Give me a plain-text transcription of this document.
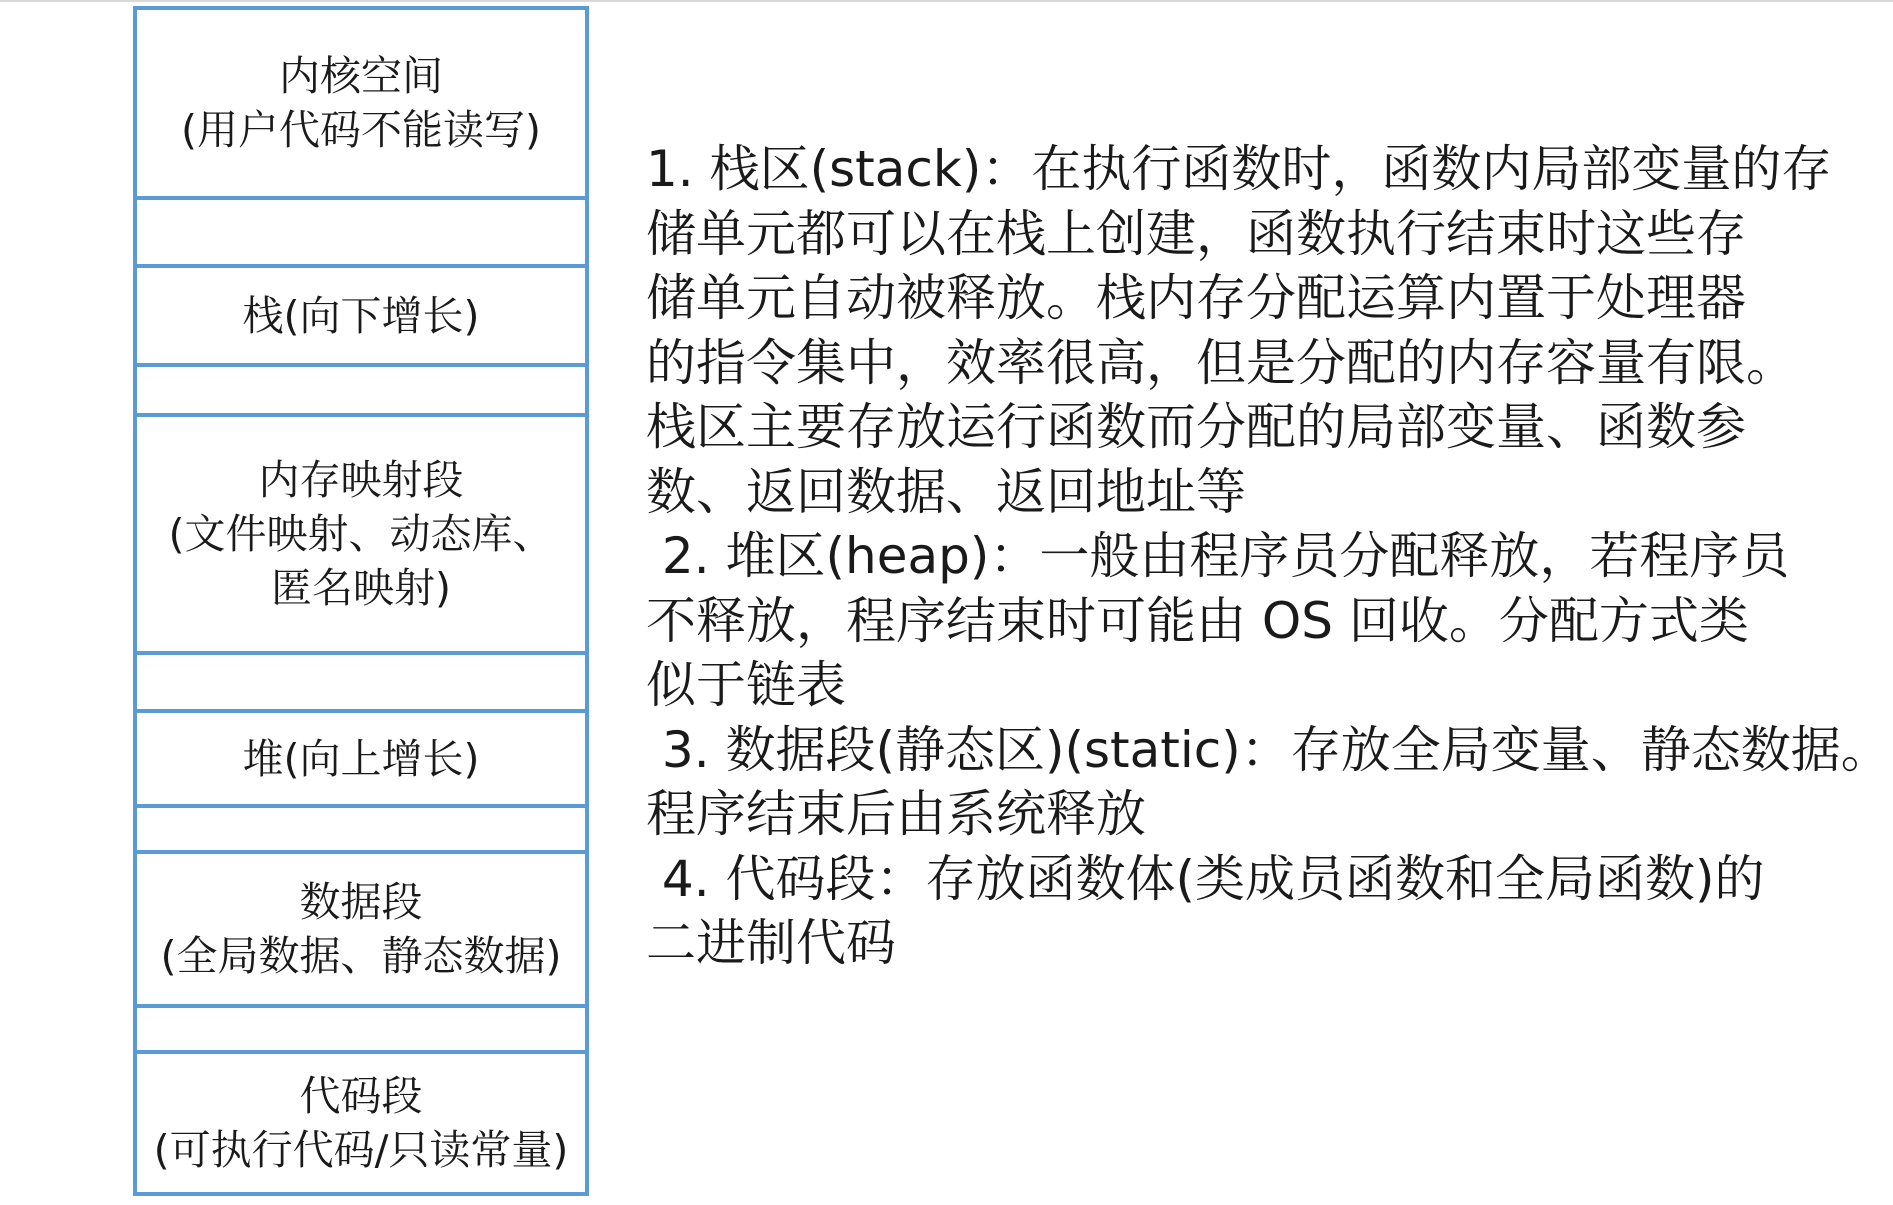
内核空间
(用户代码不能读写)
栈(向下增长)
内存映射段
(文件映射、动态库、
匿名映射)
堆(向上增长)
数据段
(全局数据、静态数据)
代码段
(可执行代码/只读常量)
1. 栈区(stack)：在执行函数时，函数内局部变量的存
储单元都可以在栈上创建，函数执行结束时这些存
储单元自动被释放。栈内存分配运算内置于处理器
的指令集中，效率很高，但是分配的内存容量有限。
栈区主要存放运行函数而分配的局部变量、函数参
数、返回数据、返回地址等
2. 堆区(heap)：一般由程序员分配释放，若程序员
不释放，程序结束时可能由 OS 回收。分配方式类
似于链表
3. 数据段(静态区)(static)：存放全局变量、静态数据。
程序结束后由系统释放
4. 代码段：存放函数体(类成员函数和全局函数)的
二进制代码
